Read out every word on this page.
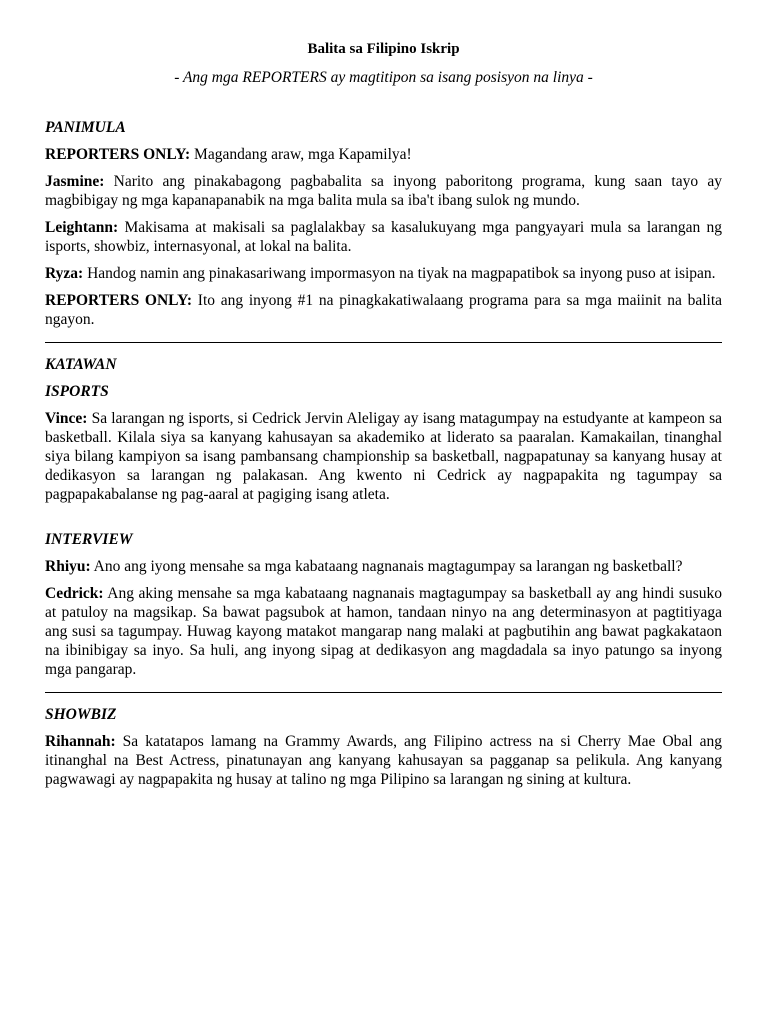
Balita sa Filipino Iskrip
- Ang mga REPORTERS ay magtitipon sa isang posisyon na linya -
PANIMULA

REPORTERS ONLY: Magandang araw, mga Kapamilya!

Jasmine: Narito ang pinakabagong pagbabalita sa inyong paboritong programa, kung saan tayo ay magbibigay ng mga kapanapanabik na mga balita mula sa iba't ibang sulok ng mundo.

Leightann: Makisama at makisali sa paglalakbay sa kasalukuyang mga pangyayari mula sa larangan ng isports, showbiz, internasyonal, at lokal na balita.

Ryza: Handog namin ang pinakasariwang impormasyon na tiyak na magpapatibok sa inyong puso at isipan.

REPORTERS ONLY: Ito ang inyong #1 na pinagkakatiwalaang programa para sa mga maiinit na balita ngayon.

KATAWAN
ISPORTS

Vince: Sa larangan ng isports, si Cedrick Jervin Aleligay ay isang matagumpay na estudyante at kampeon sa basketball. Kilala siya sa kanyang kahusayan sa akademiko at liderato sa paaralan. Kamakailan, tinanghal siya bilang kampiyon sa isang pambansang championship sa basketball, nagpapatunay sa kanyang husay at dedikasyon sa larangan ng palakasan. Ang kwento ni Cedrick ay nagpapakita ng tagumpay sa pagpapakabalanse ng pag-aaral at pagiging isang atleta.

INTERVIEW

Rhiyu: Ano ang iyong mensahe sa mga kabataang nagnanais magtagumpay sa larangan ng basketball?

Cedrick: Ang aking mensahe sa mga kabataang nagnanais magtagumpay sa basketball ay ang hindi susuko at patuloy na magsikap. Sa bawat pagsubok at hamon, tandaan ninyo na ang determinasyon at pagtitiyaga ang susi sa tagumpay. Huwag kayong matakot mangarap nang malaki at pagbutihin ang bawat pagkakataon na ibinibigay sa inyo. Sa huli, ang inyong sipag at dedikasyon ang magdadala sa inyo patungo sa inyong mga pangarap.

SHOWBIZ

Rihannah: Sa katatapos lamang na Grammy Awards, ang Filipino actress na si Cherry Mae Obal ang itinanghal na Best Actress, pinatunayan ang kanyang kahusayan sa pagganap sa pelikula. Ang kanyang pagwawagi ay nagpapakita ng husay at talino ng mga Pilipino sa larangan ng sining at kultura.
